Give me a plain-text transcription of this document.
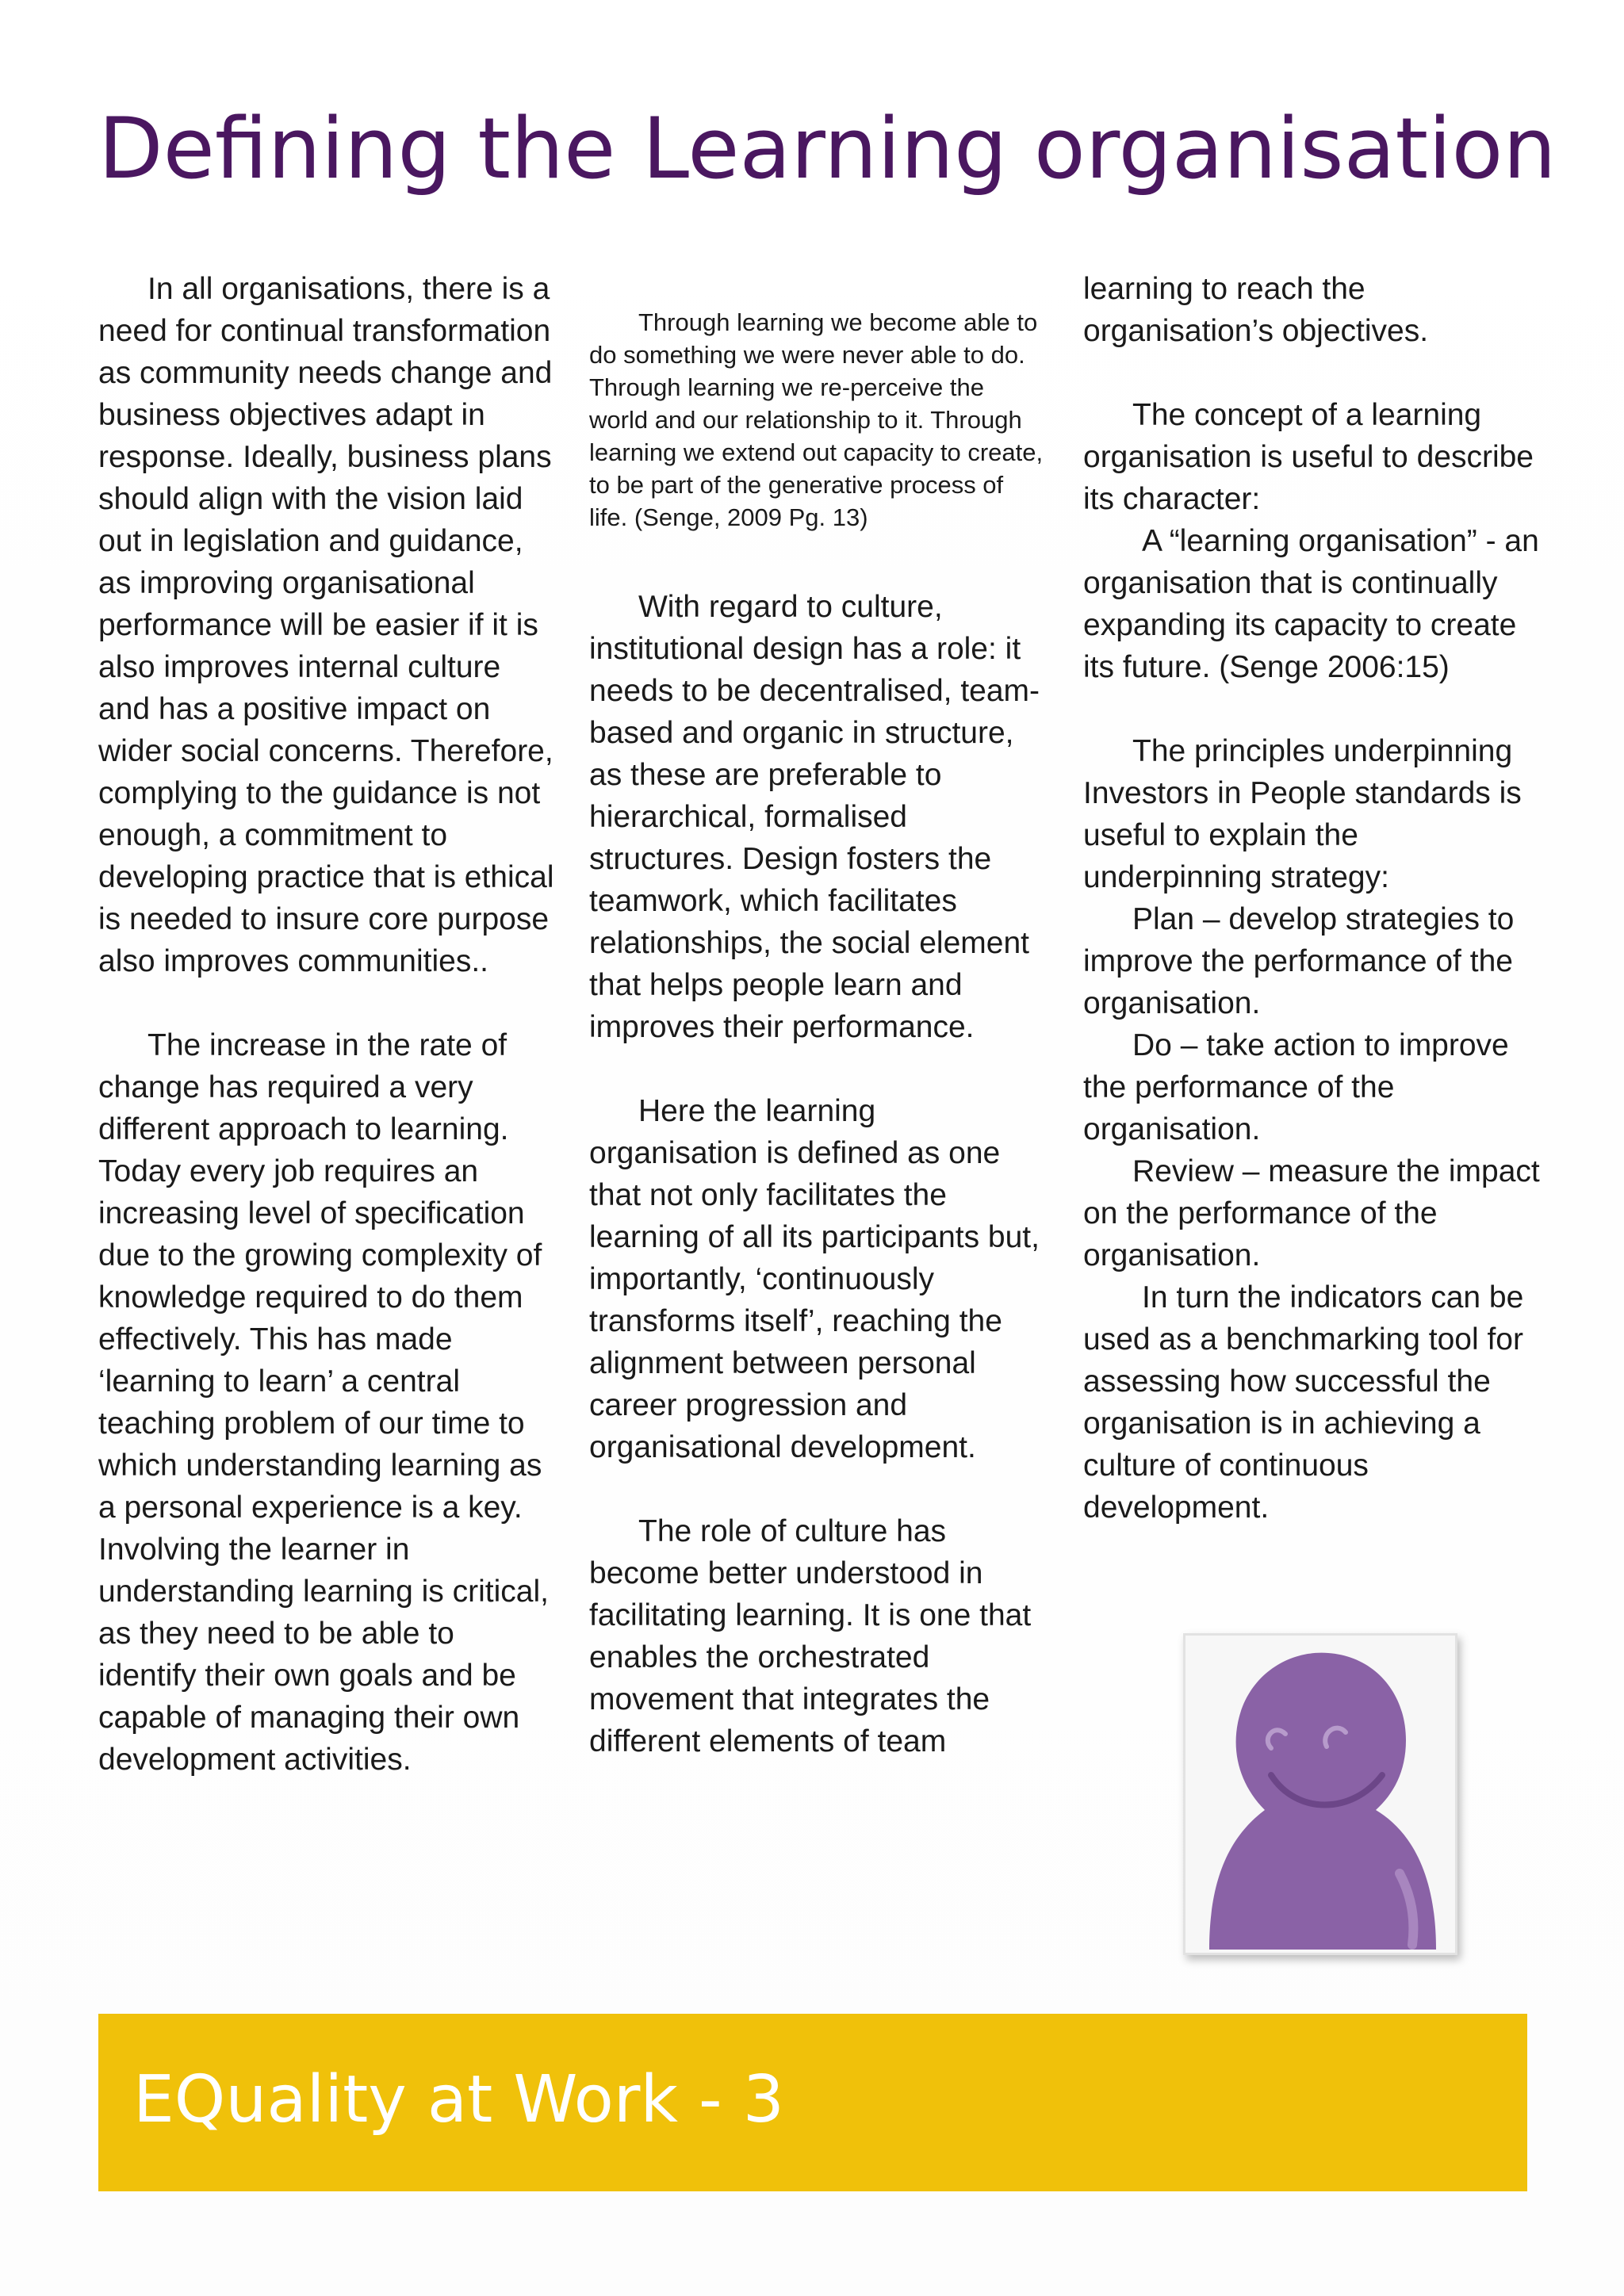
Defining the Learning organisation

In all organisations, there is a need for continual transformation as community needs change and business objectives adapt in response. Ideally, business plans should align with the vision laid out in legislation and guidance, as improving organisational performance will be easier if it is also improves internal culture and has a positive impact on wider social concerns. Therefore, complying to the guidance is not enough, a commitment to developing practice that is ethical is needed to insure core purpose also improves communities..

The increase in the rate of change has required a very different approach to learning. Today every job requires an increasing level of specification due to the growing complexity of knowledge required to do them effectively. This has made ‘learning to learn’ a central teaching problem of our time to which understanding learning as a personal experience is a key. Involving the learner in understanding learning is critical, as they need to be able to identify their own goals and be capable of managing their own development activities.

Through learning we become able to do something we were never able to do. Through learning we re-perceive the world and our relationship to it. Through learning we extend out capacity to create, to be part of the generative process of life. (Senge, 2009 Pg. 13)

With regard to culture, institutional design has a role: it needs to be decentralised, team-based and organic in structure, as these are preferable to hierarchical, formalised structures. Design fosters the teamwork, which facilitates relationships, the social element that helps people learn and improves their performance.

Here the learning organisation is defined as one that not only facilitates the learning of all its participants but, importantly, ‘continuously transforms itself’, reaching the alignment between personal career progression and organisational development.

The role of culture has become better understood in facilitating learning. It is one that enables the orchestrated movement that integrates the different elements of team

learning to reach the organisation’s objectives.

The concept of a learning organisation is useful to describe its character:

A “learning organisation” - an organisation that is continually expanding its capacity to create its future. (Senge 2006:15)

The principles underpinning Investors in People standards is useful to explain the underpinning strategy:

Plan – develop strategies to improve the performance of the organisation.

Do – take action to improve the performance of the organisation.

Review – measure the impact on the performance of the organisation.

In turn the indicators can be used as a benchmarking tool for assessing how successful the organisation is in achieving a culture of continuous development.

EQuality at Work - 3
